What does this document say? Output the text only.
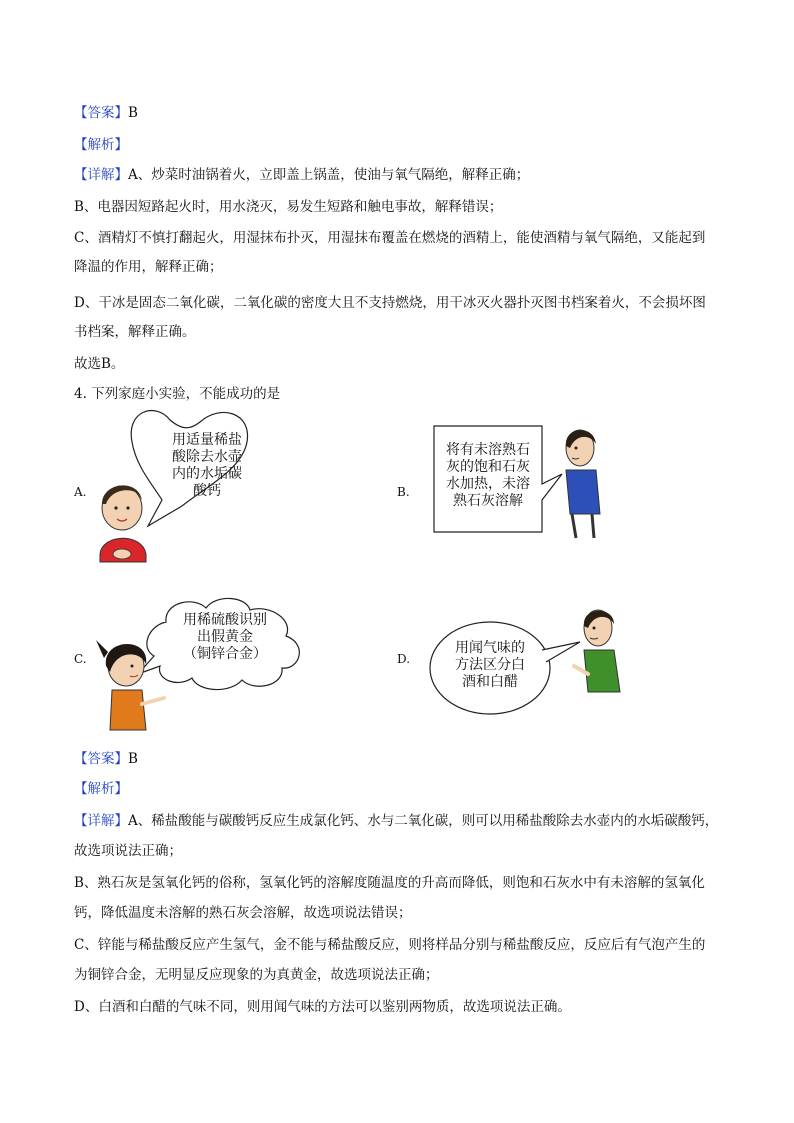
【答案】B
【解析】
【详解】A、炒菜时油锅着火，立即盖上锅盖，使油与氧气隔绝，解释正确；
B、电器因短路起火时，用水浇灭，易发生短路和触电事故，解释错误；
C、酒精灯不慎打翻起火，用湿抹布扑灭，用湿抹布覆盖在燃烧的酒精上，能使酒精与氧气隔绝，又能起到
降温的作用，解释正确；
D、干冰是固态二氧化碳，二氧化碳的密度大且不支持燃烧，用干冰灭火器扑灭图书档案着火，不会损坏图
书档案，解释正确。
故选B。
4. 下列家庭小实验，不能成功的是
A.
用适量稀盐
酸除去水壶
内的水垢碳
酸钙	B.
将有未溶熟石
灰的饱和石灰
水加热，未溶
熟石灰溶解
C.
用稀硫酸识别
出假黄金
（铜锌合金）	D.
用闻气味的
方法区分白
酒和白醋
【答案】B
【解析】
【详解】A、稀盐酸能与碳酸钙反应生成氯化钙、水与二氧化碳，则可以用稀盐酸除去水壶内的水垢碳酸钙，
故选项说法正确；
B、熟石灰是氢氧化钙的俗称，氢氧化钙的溶解度随温度的升高而降低，则饱和石灰水中有未溶解的氢氧化
钙，降低温度未溶解的熟石灰会溶解，故选项说法错误；
C、锌能与稀盐酸反应产生氢气，金不能与稀盐酸反应，则将样品分别与稀盐酸反应，反应后有气泡产生的
为铜锌合金，无明显反应现象的为真黄金，故选项说法正确；
D、白酒和白醋的气味不同，则用闻气味的方法可以鉴别两物质，故选项说法正确。
